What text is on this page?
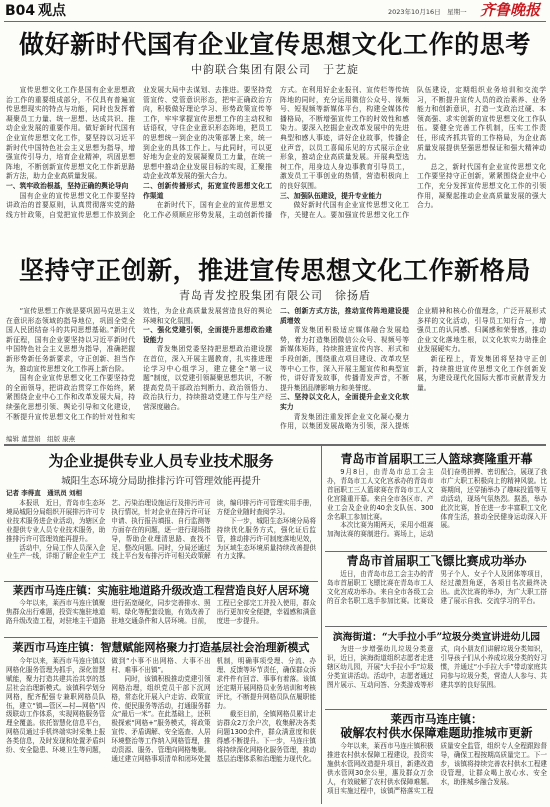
B04 观点	2023年10月16日　星期一 齐鲁晚报
做好新时代国有企业宣传思想文化工作的思考
中韵联合集团有限公司　于艺旋

宣传思想文化工作是国有企业思想政治工作的重要组成部分，不仅具有普遍宣传思想现实的特点与功能，同时也发挥着凝聚员工力量、统一思想、达成共识、推动企业发展的重要作用。做好新时代国有企业宣传思想文化工作，要坚持以习近平新时代中国特色社会主义思想为指导，增强宣传引导力，培育企业精神，巩固思想阵地，不断创新宣传思想文化工作新思路新方法，助力企业高质量发展。

一、筑牢政治根基，坚持正确的舆论导向

国有企业的宣传思想文化工作要坚持讲政治的首要原则，认真贯彻落实党的路线方针政策，自觉把宣传思想工作放到企业发展大局中去谋划、去推进。要坚持党管宣传、党管意识形态，把牢正确政治方向，积极做好理论学习、形势政策宣传等工作，牢牢掌握宣传思想工作的主动权和话语权，守住企业意识形态阵地，把员工的思想统一到企业的决策部署上来，统一到企业的具体工作上。与此同时，可以更好地为企业的发展凝聚员工力量，在统一思想中推动企业发展目标的实现，汇聚推动企业改革发展的强大合力。

二、创新传播形式，拓宽宣传思想文化工作渠道

在新时代下，国有企业的宣传思想文化工作必须顺应形势发展，主动创新传播方式。在利用好企业报刊、宣传栏等传统阵地的同时，充分运用微信公众号、视频号、短视频等新媒体平台，构建全媒体传播格局，不断增强宣传工作的时效性和感染力。要深入挖掘企业改革发展中的先进典型和感人事迹，讲好企业故事，传播企业声音，以员工喜闻乐见的方式展示企业形象，推动企业高质量发展。开展典型选树工作，用身边人身边事教育引导员工，激发员工干事创业的热情，营造积极向上的良好氛围。

三、加强队伍建设，提升专业能力

做好新时代国有企业宣传思想文化工作，关键在人。要加强宣传思想文化工作队伍建设，定期组织业务培训和交流学习，不断提升宣传人员的政治素养、业务能力和创新意识，打造一支政治过硬、本领高强、求实创新的宣传思想文化工作队伍。要健全完善工作机制，压实工作责任，形成齐抓共管的工作格局，为企业高质量发展提供坚强思想保证和强大精神动力。

总之，新时代国有企业宣传思想文化工作要坚持守正创新，紧紧围绕企业中心工作，充分发挥宣传思想文化工作的引领作用，凝聚起推动企业高质量发展的强大合力。

坚持守正创新，推进宣传思想文化工作新格局
青岛青发控股集团有限公司　徐扬盾

“宣传思想工作就是要巩固马克思主义在意识形态领域的指导地位，巩固全党全国人民团结奋斗的共同思想基础。”新时代新征程，国有企业要坚持以习近平新时代中国特色社会主义思想为指导，准确把握新形势新任务新要求，守正创新、担当作为，推动宣传思想文化工作再上新台阶。

国有企业宣传思想文化工作要坚持党的全面领导，把讲政治贯穿工作始终，紧紧围绕企业中心工作和改革发展大局，持续强化思想引领、舆论引导和文化建设，不断提升宣传思想文化工作的针对性和实效性，为企业高质量发展营造良好的舆论环境和文化氛围。

一、强化党建引领，全面提升思想政治建设能力

青发集团党委坚持把思想政治建设摆在首位，深入开展主题教育，扎实推进理论学习中心组学习，建立健全“第一议题”制度，以党建引领凝聚思想共识，不断提高党员干部政治判断力、政治领悟力、政治执行力，持续推动党建工作与生产经营深度融合。

二、创新方式方法，推动宣传阵地建设提质增效

青发集团积极适应媒体融合发展趋势，着力打造集团微信公众号、视频号等新媒体矩阵，持续推进宣传内容、形式和手段创新，围绕重点项目建设、改革攻坚等中心工作，深入开展主题宣传和典型宣传，讲好青发故事，传播青发声音，不断提升集团品牌影响力和美誉度。

三、坚持以文化人，全面提升企业文化软实力

青发集团注重发挥企业文化凝心聚力作用，以集团发展战略为引领，深入提炼企业精神和核心价值理念，广泛开展形式多样的文化活动，引导员工知行合一，增强员工的认同感、归属感和荣誉感，推动企业文化落地生根，以文化软实力助推企业发展硬实力。

新征程上，青发集团将坚持守正创新，持续推进宣传思想文化工作创新发展，为建设现代化国际大都市贡献青发力量。

编辑 董慧娟　组版 康燕
为企业提供专业人员专业技术服务
城阳生态环境分局助推排污许可管理效能再提升
记者 李得直　通讯员 刘相

本报讯　近日，青岛市生态环境局城阳分局组织开展排污许可专业技术服务进企业活动，为辖区企业提供专业人员专业技术服务，助推排污许可管理效能再提升。

活动中，分局工作人员深入企业生产一线，详细了解企业生产工艺、污染治理设施运行及排污许可执行情况，针对企业在排污许可证申请、执行报告填报、自行监测等方面存在的问题，逐一进行现场指导，帮助企业理清思路、查找不足、整改问题。同时，分局还通过线上平台发布排污许可相关政策解读，编印排污许可管理实用手册，方便企业随时查阅学习。

下一步，城阳生态环境分局将持续优化服务方式，强化证后监管，推动排污许可制度落地见效，为区域生态环境质量持续改善提供有力支撑。

莱西市马连庄镇：实施驻地道路升级改造工程营造良好人居环境

今年以来，莱西市马连庄镇聚焦群众出行难题，投资实施驻地道路升级改造工程，对驻地主干道路进行拓宽硬化，同步完善排水、照明、绿化等配套设施，有效改善了驻地交通条件和人居环境。目前，工程已全部完工并投入使用，群众出行更加安全便捷，幸福感和满意度进一步提升。

莱西市马连庄镇：智慧赋能网格聚力打造基层社会治理新模式

今年以来，莱西市马连庄镇以网格化服务管理为抓手，深化智慧赋能，聚力打造共建共治共享的基层社会治理新模式。该镇科学划分网格，配齐配强专兼职网格员队伍，建立“镇—管区—村—网格”四级联动工作体系，实现网格服务管理全覆盖。依托智慧化信息平台，网格员通过手机终端实时采集上报各类信息，及时发现和处置矛盾纠纷、安全隐患、环境卫生等问题，做到“小事不出网格、大事不出村、难事不出镇”。

同时，该镇积极推动党建引领网格治理，组织党员干部下沉网格，常态化开展入户走访、政策宣传、便民服务等活动，打通服务群众“最后一米”。在此基础上，还积极探索“网格+”服务模式，将政策宣传、矛盾调解、安全巡查、人居环境整治等工作纳入网格管理，推动资源、服务、管理向网格集聚。通过建立网格事项清单和闭环处置机制，明确事项受理、分流、办理、反馈等环节责任，确保群众诉求件件有回音、事事有着落。该镇还定期开展网格员业务培训和考核评比，不断提升网格员队伍履职能力。

截至目前，全镇网格员累计走访群众2万余户次，收集解决各类问题1300余件，群众满意度和获得感不断提升。下一步，马连庄镇将持续深化网格化服务管理，推动基层治理体系和治理能力现代化。

青岛市首届职工三人篮球赛隆重开幕

9月8日，由青岛市总工会主办，青岛市工人文化宫承办的青岛市首届职工三人篮球赛在青岛市工人文化宫隆重开幕。来自全市各区市、产业工会及企业的40余支队伍、300余名职工参加比赛。

本次比赛为期两天，采用小组赛加淘汰赛的赛制进行。赛场上，运动员们奋勇拼搏、密切配合，展现了我市广大职工积极向上的精神风貌。比赛期间，还穿插举办了趣味投篮等互动活动，现场气氛热烈。据悉，举办此次比赛，旨在进一步丰富职工文化体育生活，推动全民健身运动深入开展。

青岛市首届职工飞镖比赛成功举办

近日，由青岛市总工会主办的青岛市首届职工飞镖比赛在青岛市工人文化宫成功举办。来自全市各级工会的百余名职工选手参加比赛。比赛设男子个人、女子个人及团体等项目，经过激烈角逐，各项目名次最终决出。此次比赛的举办，为广大职工搭建了展示自我、交流学习的平台。

滨海街道：“大手拉小手”垃圾分类宣讲进幼儿园

为进一步增强幼儿垃圾分类意识，近日，滨海街道组织志愿者走进辖区幼儿园，开展“大手拉小手”垃圾分类宣讲活动。活动中，志愿者通过图片展示、互动问答、分类游戏等形式，向小朋友们讲解垃圾分类知识，引导孩子们从小养成垃圾分类的好习惯，并通过“小手拉大手”带动家庭共同参与垃圾分类，营造人人参与、共建共享的良好氛围。

莱西市马连庄镇：
破解农村供水保障难题助推城市更新

今年以来，莱西市马连庄镇积极推进农村供水保障工程建设，投资实施供水管网改造提升项目，新建改造供水管网30余公里，惠及群众万余人，有效破解了农村供水保障难题。项目实施过程中，该镇严格落实工程质量安全监管，组织专人全程跟踪督导，确保工程按期高质量完工。下一步，该镇将持续完善农村供水工程建设管理，让群众喝上放心水、安全水，助推城乡融合发展。
